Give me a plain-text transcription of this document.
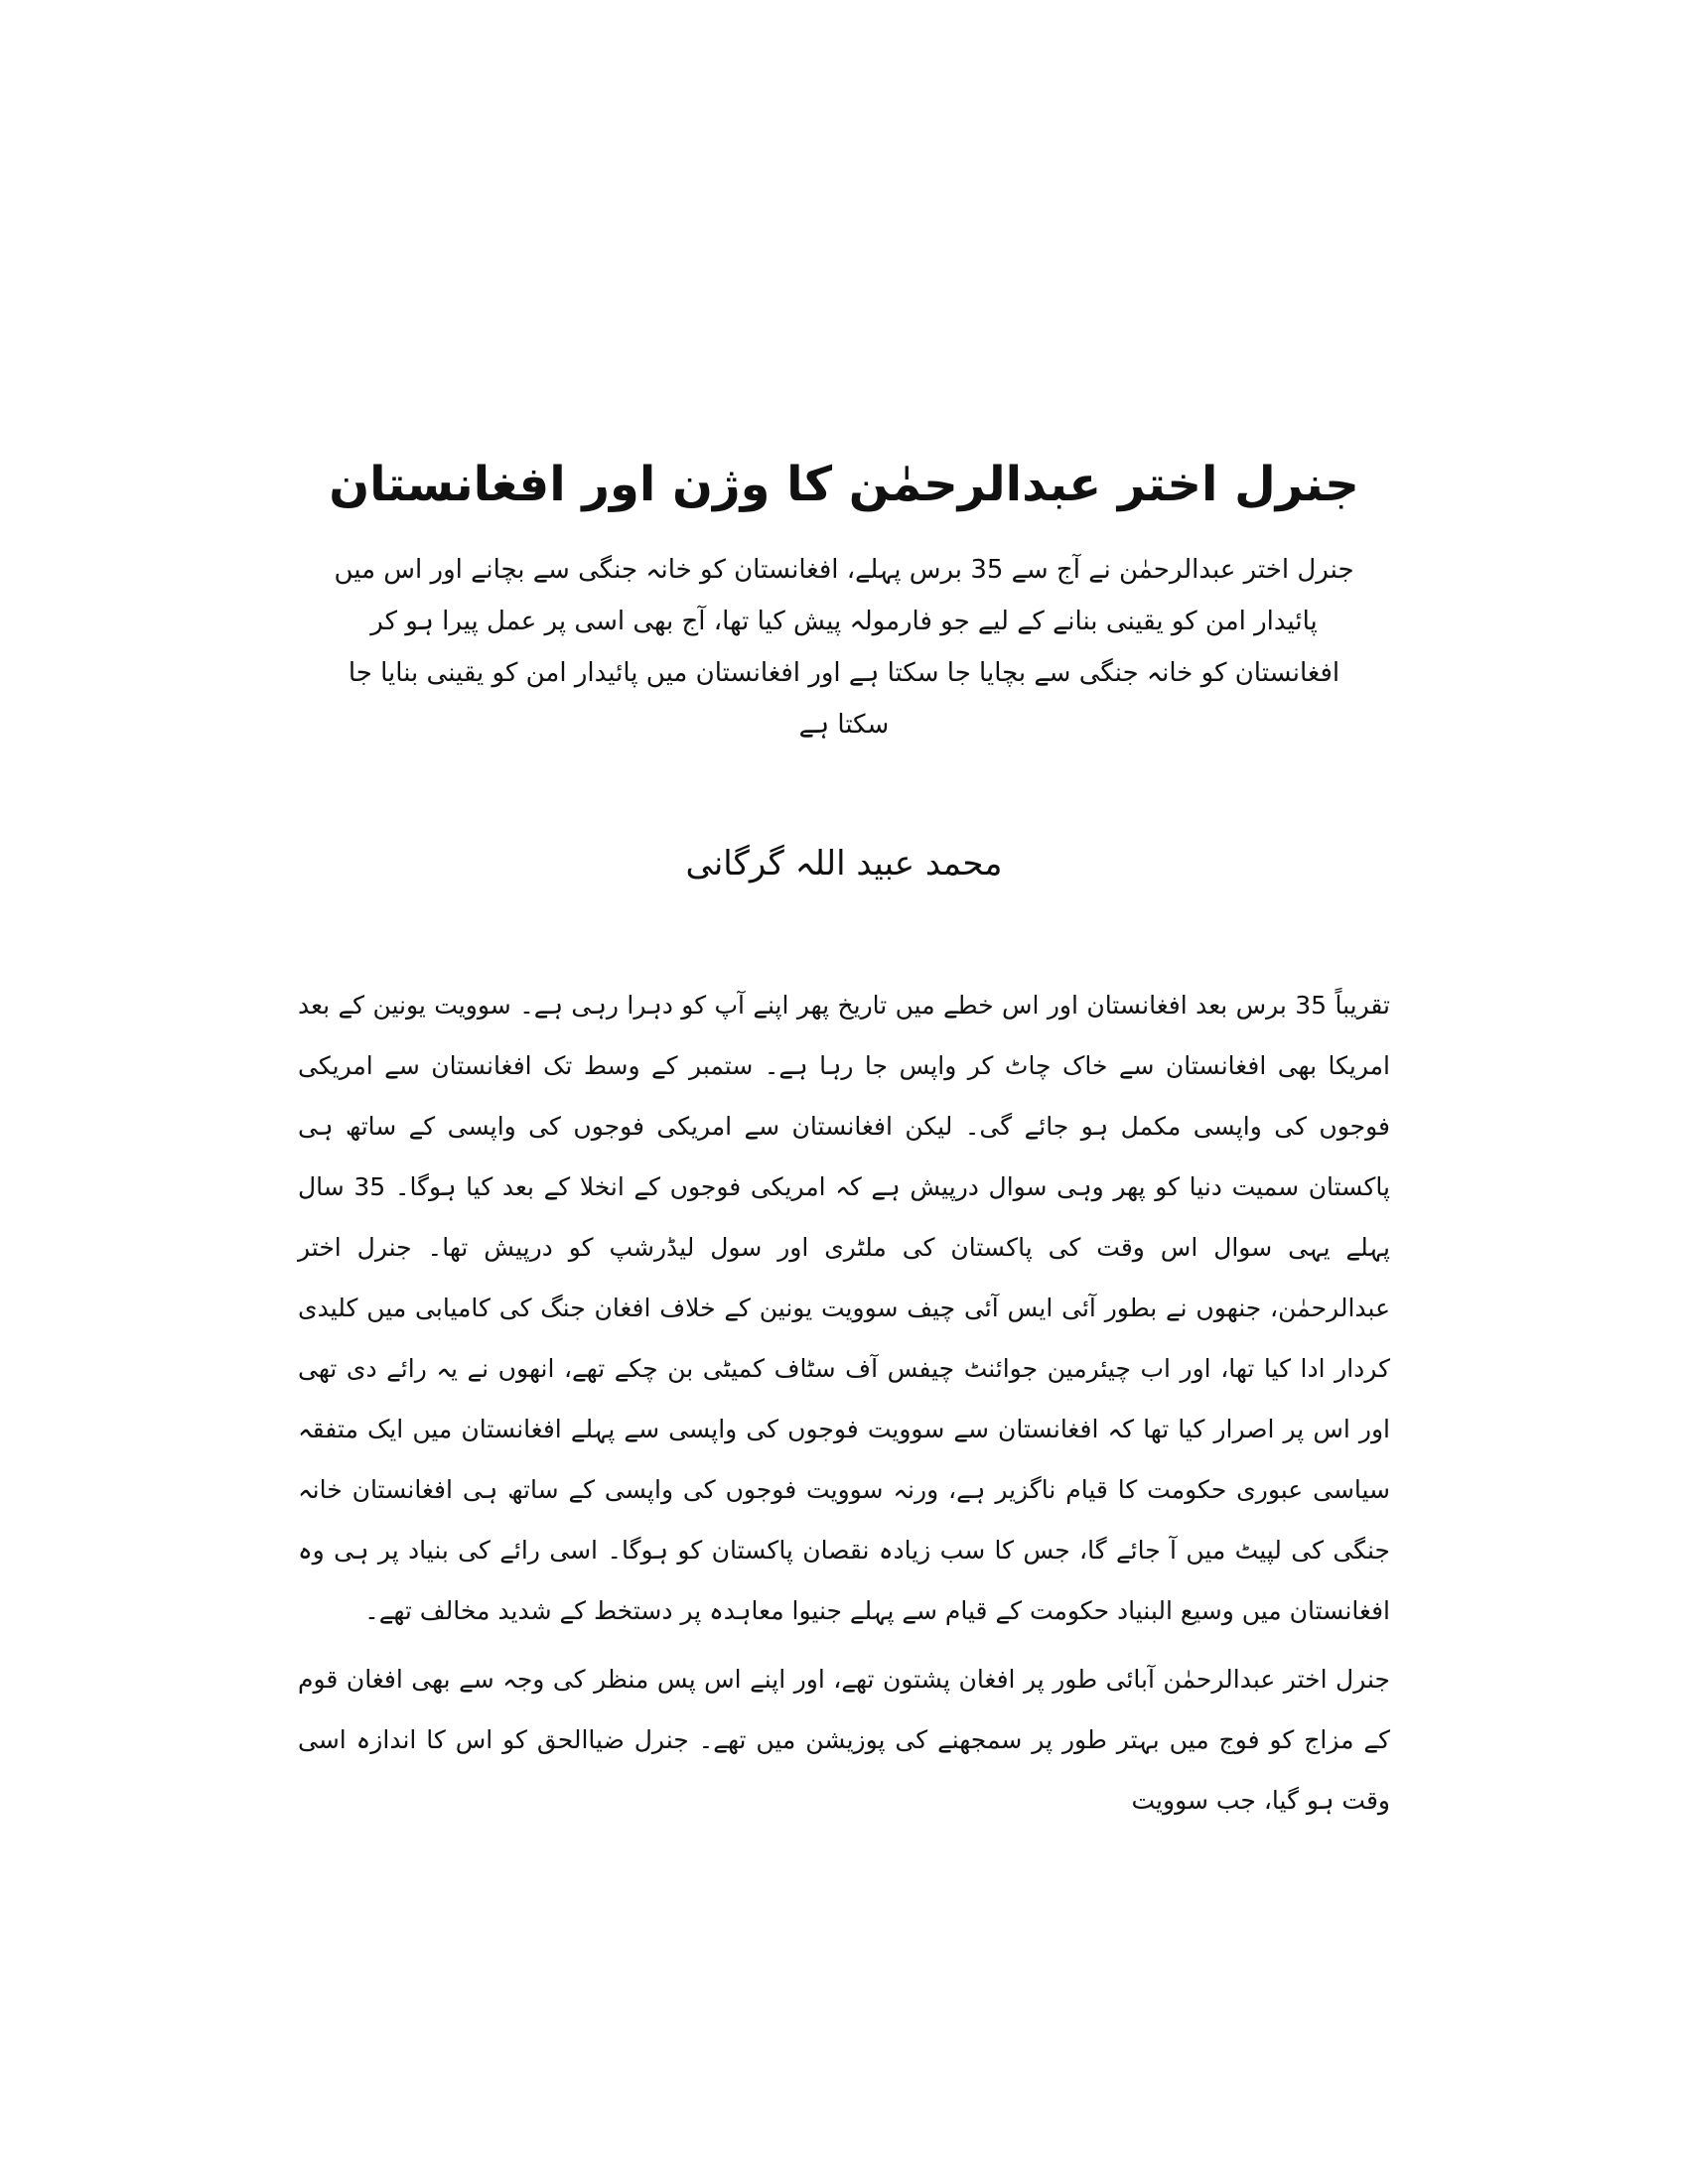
جنرل اختر عبدالرحمٰن کا وژن اور افغانستان
جنرل اختر عبدالرحمٰن نے آج سے 35 برس پہلے، افغانستان کو خانہ جنگی سے بچانے اور اس میں پائیدار امن کو یقینی بنانے کے لیے جو فارمولہ پیش کیا تھا، آج بھی اسی پر عمل پیرا ہو کر افغانستان کو خانہ جنگی سے بچایا جا سکتا ہے اور افغانستان میں پائیدار امن کو یقینی بنایا جا سکتا ہے
محمد عبید اللہ گرگانی

تقریباً 35 برس بعد افغانستان اور اس خطے میں تاریخ پھر اپنے آپ کو دہرا رہی ہے۔ سوویت یونین کے بعد امریکا بھی افغانستان سے خاک چاٹ کر واپس جا رہا ہے۔ ستمبر کے وسط تک افغانستان سے امریکی فوجوں کی واپسی مکمل ہو جائے گی۔ لیکن افغانستان سے امریکی فوجوں کی واپسی کے ساتھ ہی پاکستان سمیت دنیا کو پھر وہی سوال درپیش ہے کہ امریکی فوجوں کے انخلا کے بعد کیا ہوگا۔ 35 سال پہلے یہی سوال اس وقت کی پاکستان کی ملٹری اور سول لیڈرشپ کو درپیش تھا۔ جنرل اختر عبدالرحمٰن، جنھوں نے بطور آئی ایس آئی چیف سوویت یونین کے خلاف افغان جنگ کی کامیابی میں کلیدی کردار ادا کیا تھا، اور اب چیئرمین جوائنٹ چیفس آف سٹاف کمیٹی بن چکے تھے، انھوں نے یہ رائے دی تھی اور اس پر اصرار کیا تھا کہ افغانستان سے سوویت فوجوں کی واپسی سے پہلے افغانستان میں ایک متفقہ سیاسی عبوری حکومت کا قیام ناگزیر ہے، ورنہ سوویت فوجوں کی واپسی کے ساتھ ہی افغانستان خانہ جنگی کی لپیٹ میں آ جائے گا، جس کا سب زیادہ نقصان پاکستان کو ہوگا۔ اسی رائے کی بنیاد پر ہی وہ افغانستان میں وسیع البنیاد حکومت کے قیام سے پہلے جنیوا معاہدہ پر دستخط کے شدید مخالف تھے۔

جنرل اختر عبدالرحمٰن آبائی طور پر افغان پشتون تھے، اور اپنے اس پس منظر کی وجہ سے بھی افغان قوم کے مزاج کو فوج میں بہتر طور پر سمجھنے کی پوزیشن میں تھے۔ جنرل ضیاالحق کو اس کا اندازہ اسی وقت ہو گیا، جب سوویت
